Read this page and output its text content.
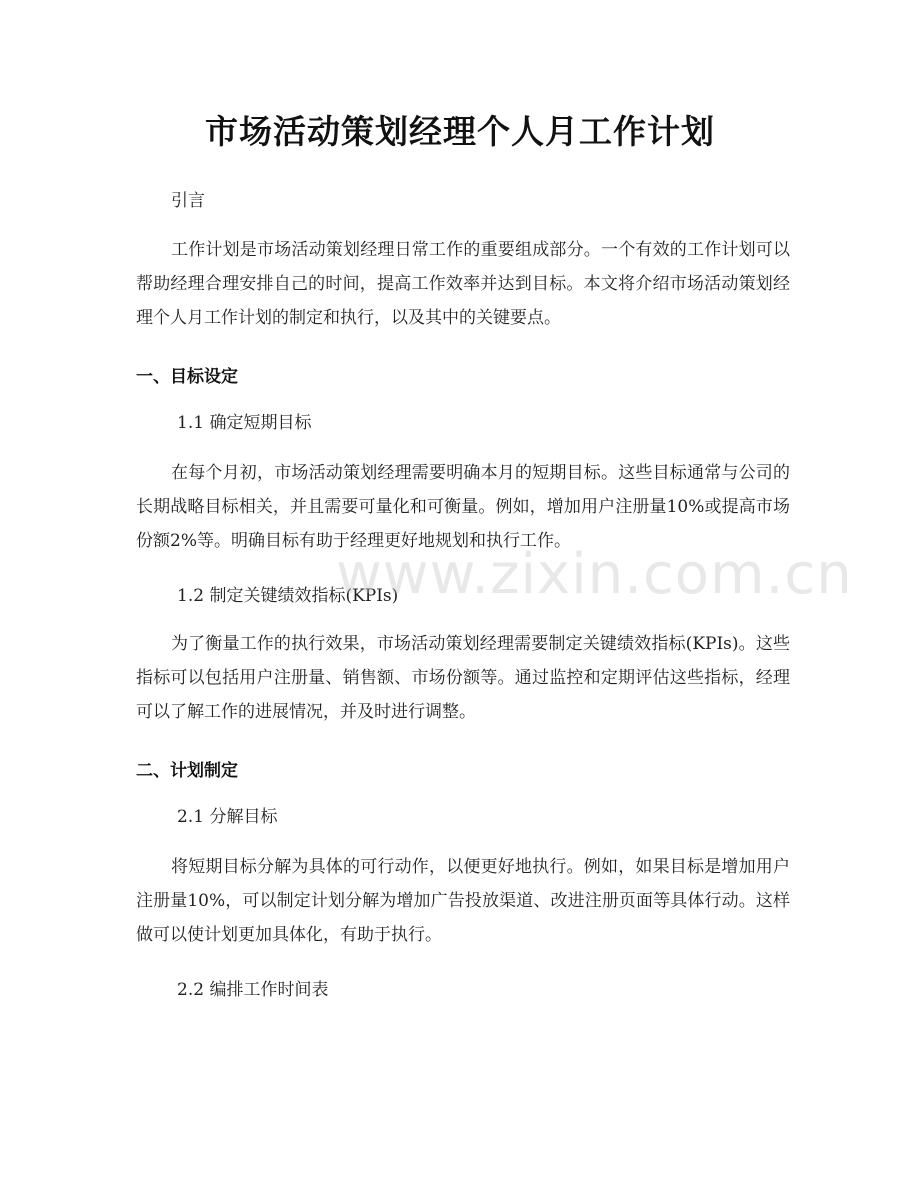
市场活动策划经理个人月工作计划
引言

工作计划是市场活动策划经理日常工作的重要组成部分。一个有效的工作计划可以帮助经理合理安排自己的时间，提高工作效率并达到目标。本文将介绍市场活动策划经理个人月工作计划的制定和执行，以及其中的关键要点。

一、目标设定
1.1 确定短期目标

在每个月初，市场活动策划经理需要明确本月的短期目标。这些目标通常与公司的长期战略目标相关，并且需要可量化和可衡量。例如，增加用户注册量10%或提高市场份额2%等。明确目标有助于经理更好地规划和执行工作。

1.2 制定关键绩效指标(KPIs)

为了衡量工作的执行效果，市场活动策划经理需要制定关键绩效指标(KPIs)。这些指标可以包括用户注册量、销售额、市场份额等。通过监控和定期评估这些指标，经理可以了解工作的进展情况，并及时进行调整。

二、计划制定
2.1 分解目标

将短期目标分解为具体的可行动作，以便更好地执行。例如，如果目标是增加用户注册量10%，可以制定计划分解为增加广告投放渠道、改进注册页面等具体行动。这样做可以使计划更加具体化，有助于执行。

2.2 编排工作时间表
www.zixin.com.cn
